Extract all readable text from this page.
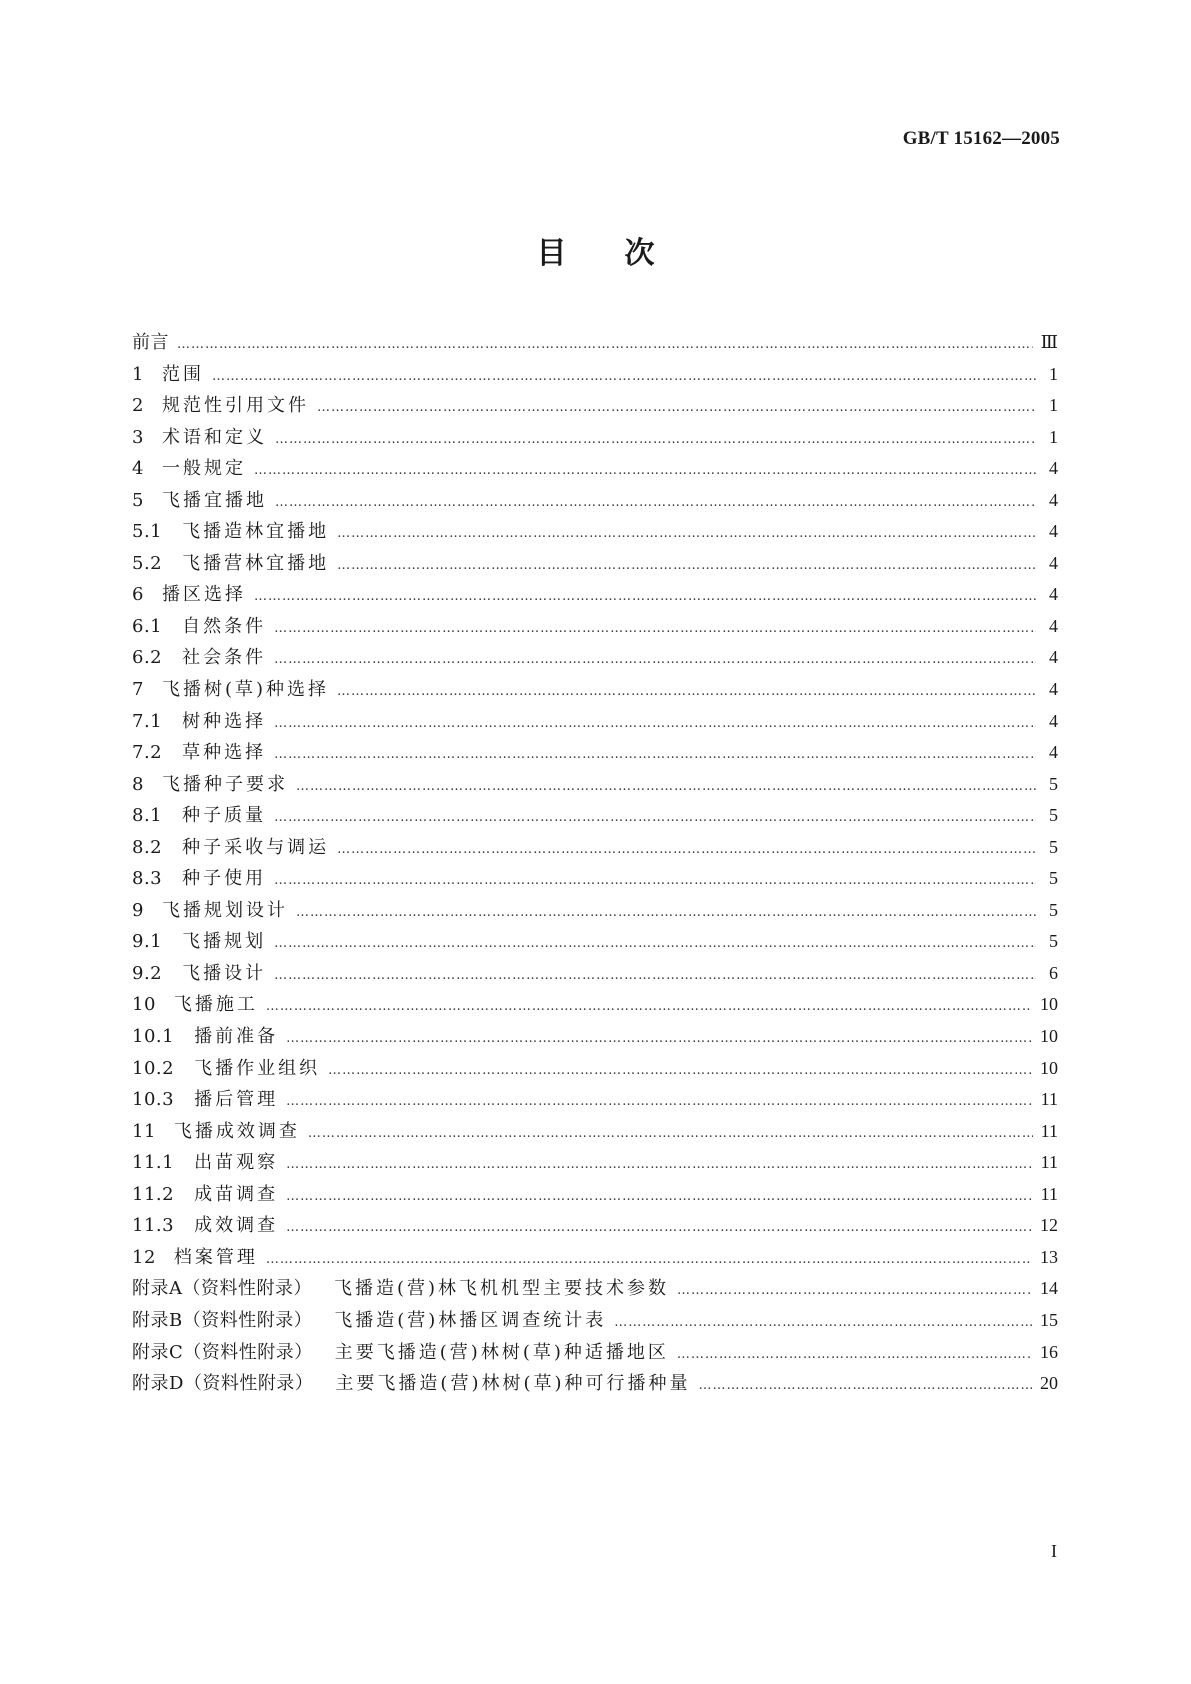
GB/T 15162—2005
目次
前言 …………………………………………………………………………………………………………………………………………………………………………………………………………………………………………………………	Ⅲ
1 范围 …………………………………………………………………………………………………………………………………………………………………………………………………………………………………………………………	1
2 规范性引用文件 …………………………………………………………………………………………………………………………………………………………………………………………………………………………………………………………	1
3 术语和定义 …………………………………………………………………………………………………………………………………………………………………………………………………………………………………………………………	1
4 一般规定 …………………………………………………………………………………………………………………………………………………………………………………………………………………………………………………………	4
5 飞播宜播地 …………………………………………………………………………………………………………………………………………………………………………………………………………………………………………………………	4
5.1 飞播造林宜播地 …………………………………………………………………………………………………………………………………………………………………………………………………………………………………………………………	4
5.2 飞播营林宜播地 …………………………………………………………………………………………………………………………………………………………………………………………………………………………………………………………	4
6 播区选择 …………………………………………………………………………………………………………………………………………………………………………………………………………………………………………………………	4
6.1 自然条件 …………………………………………………………………………………………………………………………………………………………………………………………………………………………………………………………	4
6.2 社会条件 …………………………………………………………………………………………………………………………………………………………………………………………………………………………………………………………	4
7 飞播树(草)种选择 …………………………………………………………………………………………………………………………………………………………………………………………………………………………………………………………	4
7.1 树种选择 …………………………………………………………………………………………………………………………………………………………………………………………………………………………………………………………	4
7.2 草种选择 …………………………………………………………………………………………………………………………………………………………………………………………………………………………………………………………	4
8 飞播种子要求 …………………………………………………………………………………………………………………………………………………………………………………………………………………………………………………………	5
8.1 种子质量 …………………………………………………………………………………………………………………………………………………………………………………………………………………………………………………………	5
8.2 种子采收与调运 …………………………………………………………………………………………………………………………………………………………………………………………………………………………………………………………	5
8.3 种子使用 …………………………………………………………………………………………………………………………………………………………………………………………………………………………………………………………	5
9 飞播规划设计 …………………………………………………………………………………………………………………………………………………………………………………………………………………………………………………………	5
9.1 飞播规划 …………………………………………………………………………………………………………………………………………………………………………………………………………………………………………………………	5
9.2 飞播设计 …………………………………………………………………………………………………………………………………………………………………………………………………………………………………………………………	6
10 飞播施工 …………………………………………………………………………………………………………………………………………………………………………………………………………………………………………………………	10
10.1 播前准备 …………………………………………………………………………………………………………………………………………………………………………………………………………………………………………………………	10
10.2 飞播作业组织 …………………………………………………………………………………………………………………………………………………………………………………………………………………………………………………………	10
10.3 播后管理 …………………………………………………………………………………………………………………………………………………………………………………………………………………………………………………………	11
11 飞播成效调查 …………………………………………………………………………………………………………………………………………………………………………………………………………………………………………………………	11
11.1 出苗观察 …………………………………………………………………………………………………………………………………………………………………………………………………………………………………………………………	11
11.2 成苗调查 …………………………………………………………………………………………………………………………………………………………………………………………………………………………………………………………	11
11.3 成效调查 …………………………………………………………………………………………………………………………………………………………………………………………………………………………………………………………	12
12 档案管理 …………………………………………………………………………………………………………………………………………………………………………………………………………………………………………………………	13
附录A（资料性附录） 飞播造(营)林飞机机型主要技术参数 …………………………………………………………………………………………………………………………………………………………………………………………………………………………………………………………	14
附录B（资料性附录） 飞播造(营)林播区调查统计表 …………………………………………………………………………………………………………………………………………………………………………………………………………………………………………………………	15
附录C（资料性附录） 主要飞播造(营)林树(草)种适播地区 …………………………………………………………………………………………………………………………………………………………………………………………………………………………………………………………	16
附录D（资料性附录） 主要飞播造(营)林树(草)种可行播种量 …………………………………………………………………………………………………………………………………………………………………………………………………………………………………………………………	20
I
